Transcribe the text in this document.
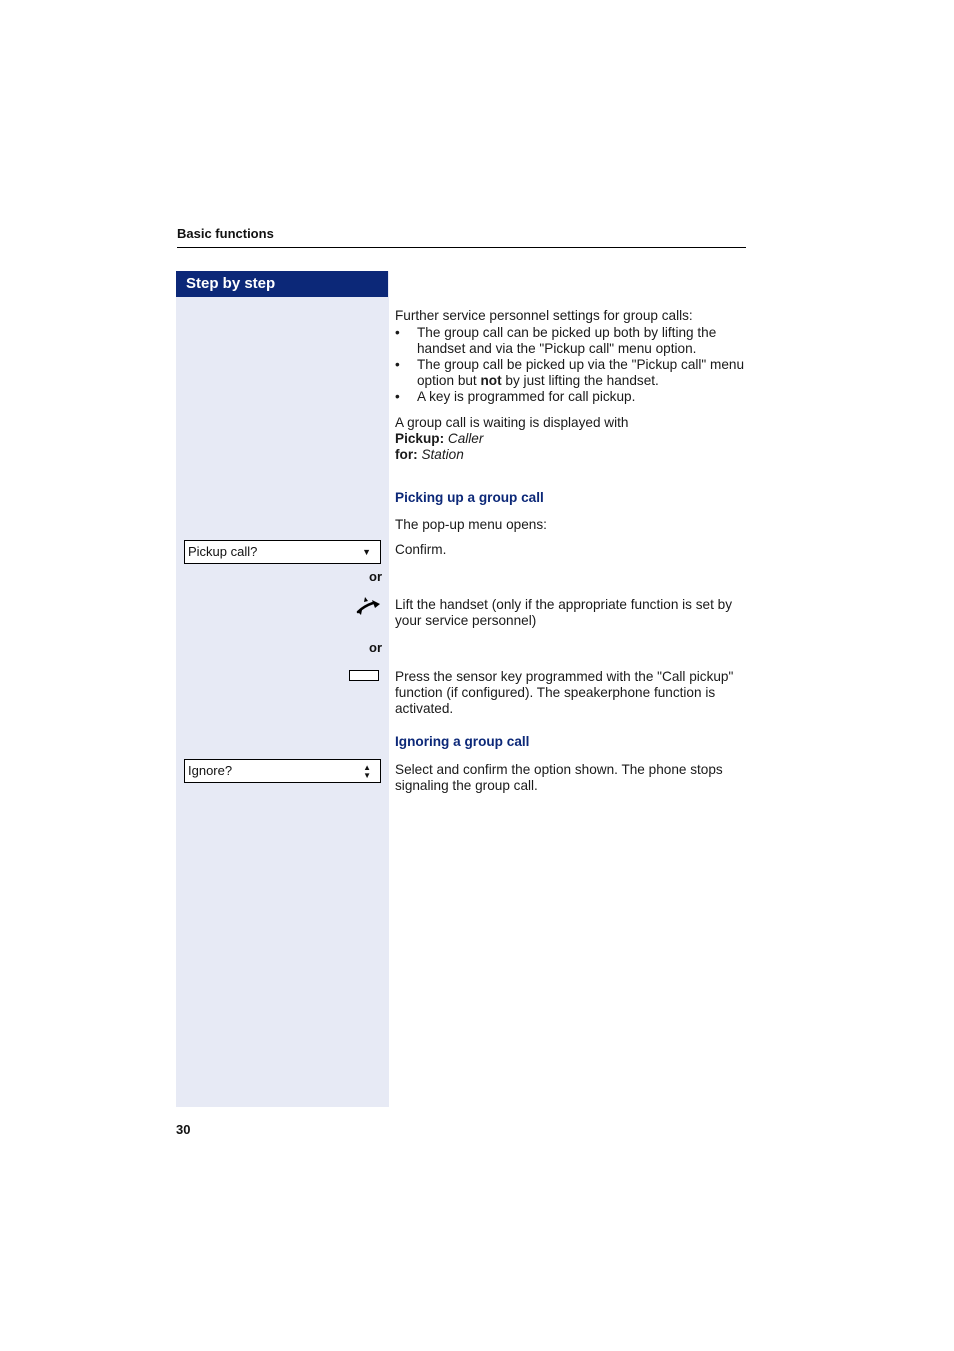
Basic functions
Step by step
Further service personnel settings for group calls:
• The group call can be picked up both by lifting the handset and via the "Pickup call" menu option.
• The group call be picked up via the "Pickup call" menu option but not by just lifting the handset.
• A key is programmed for call pickup.
A group call is waiting is displayed with
Pickup: Caller
for: Station
Picking up a group call
The pop-up menu opens:
Pickup call?	▼ Confirm.
or
Lift the handset (only if the appropriate function is set by your service personnel)
or
Press the sensor key programmed with the "Call pickup" function (if configured). The speakerphone function is activated.
Ignoring a group call
Ignore?	▲
▼ Select and confirm the option shown. The phone stops signaling the group call.
30
